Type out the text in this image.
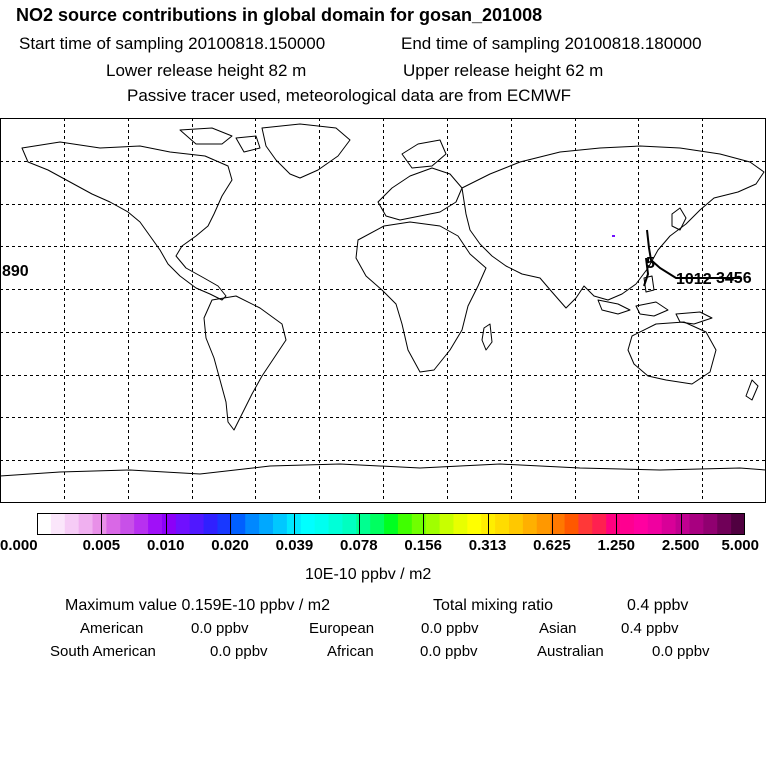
NO2 source contributions in global domain for gosan_201008
Start time of sampling 20100818.150000	End time of sampling 20100818.180000
Lower release height 82 m	Upper release height 62 m
Passive tracer used, meteorological data are from ECMWF
890	5
1012 3456
0.000	0.005 0.010 0.020 0.039 0.078 0.156 0.313 0.625 1.250 2.500 5.000
10E-10 ppbv / m2
Maximum value 0.159E-10 ppbv / m2	Total mixing ratio	0.4 ppbv
American	0.0 ppbv	European	0.0 ppbv	Asian	0.4 ppbv
South American	0.0 ppbv	African	0.0 ppbv	Australian	0.0 ppbv
